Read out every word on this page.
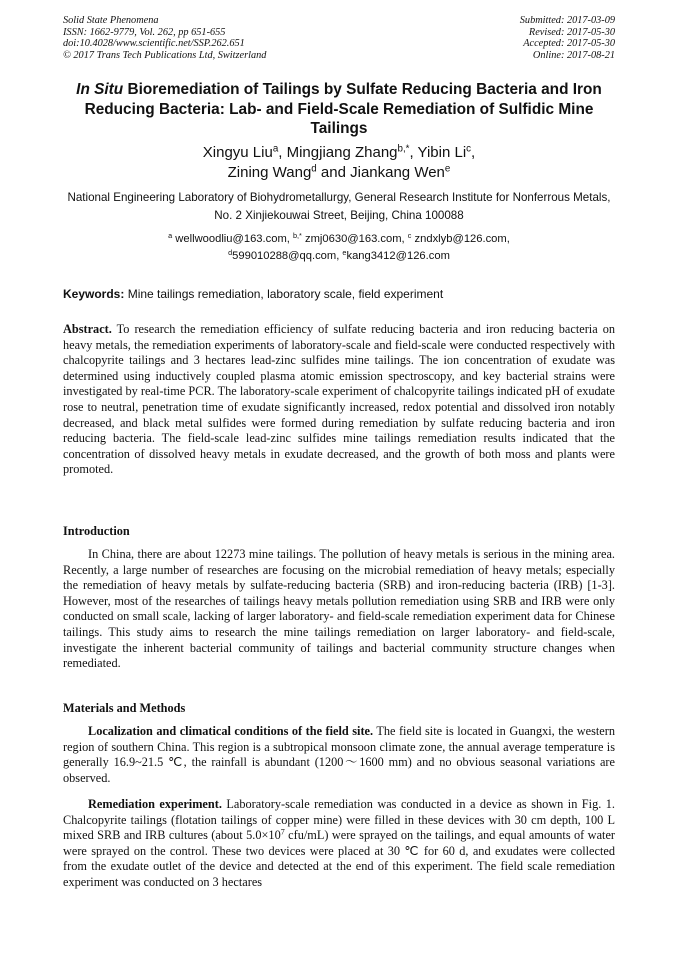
Solid State Phenomena
ISSN: 1662-9779, Vol. 262, pp 651-655
doi:10.4028/www.scientific.net/SSP.262.651
© 2017 Trans Tech Publications Ltd, Switzerland
Submitted: 2017-03-09
Revised: 2017-05-30
Accepted: 2017-05-30
Online: 2017-08-21
In Situ Bioremediation of Tailings by Sulfate Reducing Bacteria and Iron Reducing Bacteria: Lab- and Field-Scale Remediation of Sulfidic Mine Tailings
Xingyu Liu$^a$, Mingjiang Zhang$^{b,*}$, Yibin Li$^c$,
Zining Wang$^d$ and Jiankang Wen$^e$
National Engineering Laboratory of Biohydrometallurgy, General Research Institute for Nonferrous Metals, No. 2 Xinjiekouwai Street, Beijing, China 100088
$^a$ wellwoodliu@163.com, $^{b,*}$ zmj0630@163.com, $^c$ zndxlyb@126.com,
$^d$599010288@qq.com, $^e$kang3412@126.com
Keywords: Mine tailings remediation, laboratory scale, field experiment
Abstract. To research the remediation efficiency of sulfate reducing bacteria and iron reducing bacteria on heavy metals, the remediation experiments of laboratory-scale and field-scale were conducted respectively with chalcopyrite tailings and 3 hectares lead-zinc sulfides mine tailings. The ion concentration of exudate was determined using inductively coupled plasma atomic emission spectroscopy, and key bacterial strains were investigated by real-time PCR. The laboratory-scale experiment of chalcopyrite tailings indicated pH of exudate rose to neutral, penetration time of exudate significantly increased, redox potential and dissolved iron notably decreased, and black metal sulfides were formed during remediation by sulfate reducing bacteria and iron reducing bacteria. The field-scale lead-zinc sulfides mine tailings remediation results indicated that the concentration of dissolved heavy metals in exudate decreased, and the growth of both moss and plants were promoted.
Introduction
In China, there are about 12273 mine tailings. The pollution of heavy metals is serious in the mining area. Recently, a large number of researches are focusing on the microbial remediation of heavy metals; especially the remediation of heavy metals by sulfate-reducing bacteria (SRB) and iron-reducing bacteria (IRB) [1-3]. However, most of the researches of tailings heavy metals pollution remediation using SRB and IRB were only conducted on small scale, lacking of larger laboratory- and field-scale remediation experiment data for Chinese tailings. This study aims to research the mine tailings remediation on larger laboratory- and field-scale, investigate the inherent bacterial community of tailings and bacterial community structure changes when remediated.
Materials and Methods
Localization and climatical conditions of the field site. The field site is located in Guangxi, the western region of southern China. This region is a subtropical monsoon climate zone, the annual average temperature is generally 16.9~21.5 ℃, the rainfall is abundant (1200～1600 mm) and no obvious seasonal variations are observed.
Remediation experiment. Laboratory-scale remediation was conducted in a device as shown in Fig. 1. Chalcopyrite tailings (flotation tailings of copper mine) were filled in these devices with 30 cm depth, 100 L mixed SRB and IRB cultures (about $5.0\times 10^7$ cfu/mL) were sprayed on the tailings, and equal amounts of water were sprayed on the control. These two devices were placed at 30 ℃ for 60 d, and exudates were collected from the exudate outlet of the device and detected at the end of this experiment. The field scale remediation experiment was conducted on 3 hectares
